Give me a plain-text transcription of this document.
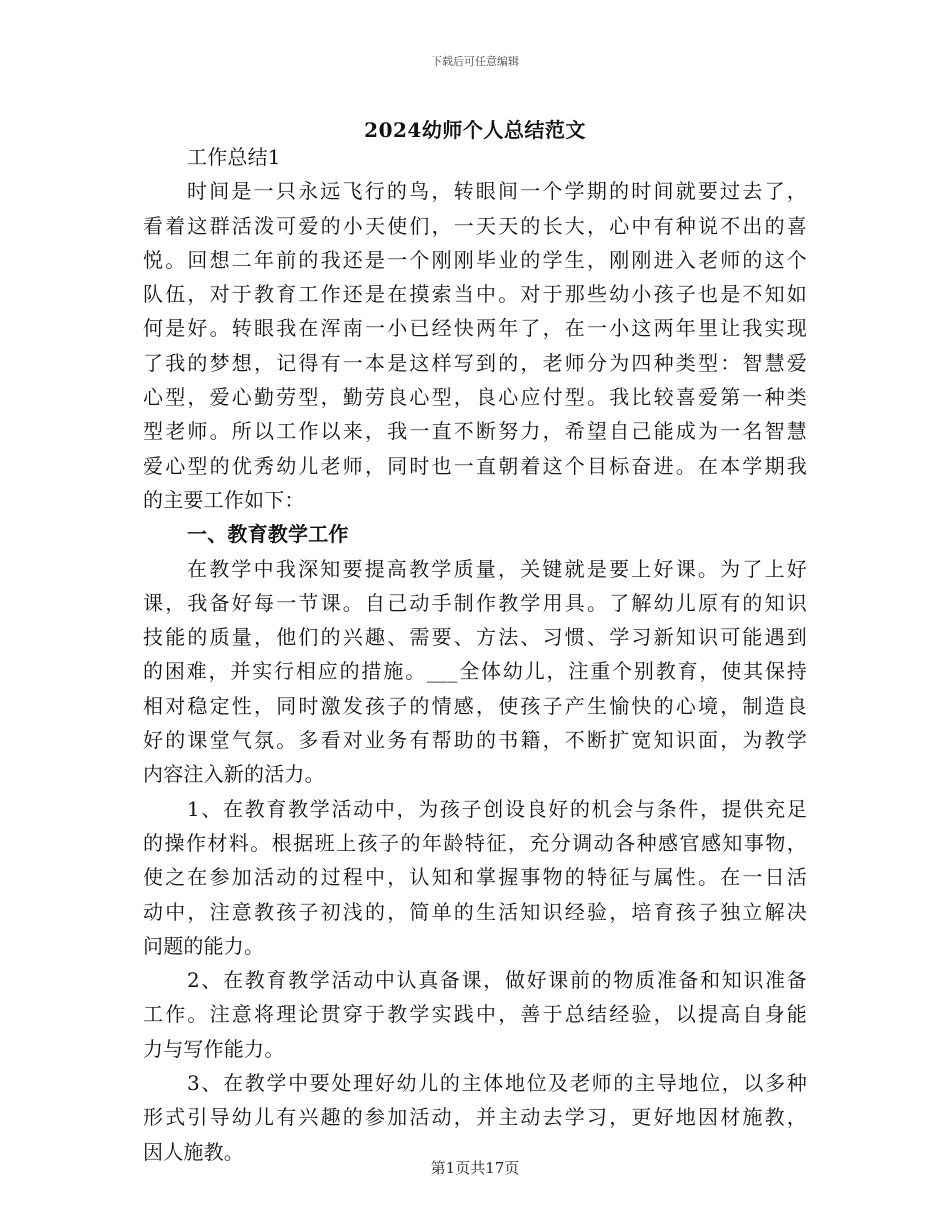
下载后可任意编辑
2024幼师个人总结范文
工作总结1
时间是一只永远飞行的鸟，转眼间一个学期的时间就要过去了，
看着这群活泼可爱的小天使们，一天天的长大，心中有种说不出的喜
悦。回想二年前的我还是一个刚刚毕业的学生，刚刚进入老师的这个
队伍，对于教育工作还是在摸索当中。对于那些幼小孩子也是不知如
何是好。转眼我在浑南一小已经快两年了，在一小这两年里让我实现
了我的梦想，记得有一本是这样写到的，老师分为四种类型：智慧爱
心型，爱心勤劳型，勤劳良心型，良心应付型。我比较喜爱第一种类
型老师。所以工作以来，我一直不断努力，希望自己能成为一名智慧
爱心型的优秀幼儿老师，同时也一直朝着这个目标奋进。在本学期我
的主要工作如下：
一、教育教学工作
在教学中我深知要提高教学质量，关键就是要上好课。为了上好
课，我备好每一节课。自己动手制作教学用具。了解幼儿原有的知识
技能的质量，他们的兴趣、需要、方法、习惯、学习新知识可能遇到
的困难，并实行相应的措施。___全体幼儿，注重个别教育，使其保持
相对稳定性，同时激发孩子的情感，使孩子产生愉快的心境，制造良
好的课堂气氛。多看对业务有帮助的书籍，不断扩宽知识面，为教学
内容注入新的活力。
1、在教育教学活动中，为孩子创设良好的机会与条件，提供充足
的操作材料。根据班上孩子的年龄特征，充分调动各种感官感知事物，
使之在参加活动的过程中，认知和掌握事物的特征与属性。在一日活
动中，注意教孩子初浅的，简单的生活知识经验，培育孩子独立解决
问题的能力。
2、在教育教学活动中认真备课，做好课前的物质准备和知识准备
工作。注意将理论贯穿于教学实践中，善于总结经验，以提高自身能
力与写作能力。
3、在教学中要处理好幼儿的主体地位及老师的主导地位，以多种
形式引导幼儿有兴趣的参加活动，并主动去学习，更好地因材施教，
因人施教。
第1页共17页
